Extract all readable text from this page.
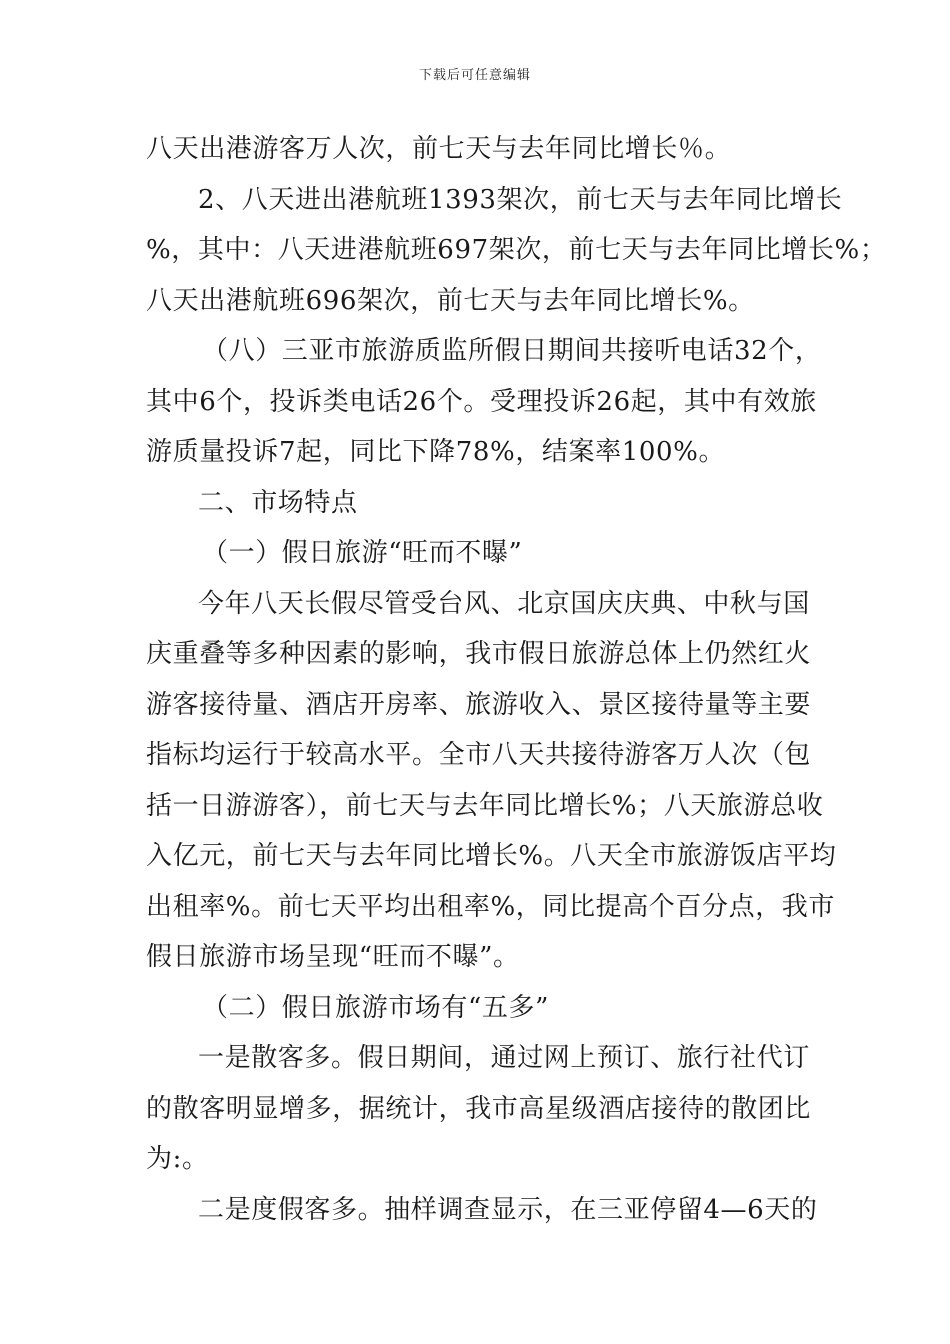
下载后可任意编辑
八天出港游客万人次，前七天与去年同比增长％。
2、八天进出港航班1393架次，前七天与去年同比增长
%，其中：八天进港航班697架次，前七天与去年同比增长%；
八天出港航班696架次，前七天与去年同比增长%。
（八）三亚市旅游质监所假日期间共接听电话32个，
其中6个，投诉类电话26个。受理投诉26起，其中有效旅
游质量投诉7起，同比下降78%，结案率100%。
二、市场特点
（一）假日旅游“旺而不曝”
今年八天长假尽管受台风、北京国庆庆典、中秋与国
庆重叠等多种因素的影响，我市假日旅游总体上仍然红火
游客接待量、酒店开房率、旅游收入、景区接待量等主要
指标均运行于较高水平。全市八天共接待游客万人次（包
括一日游游客），前七天与去年同比增长%；八天旅游总收
入亿元，前七天与去年同比增长%。八天全市旅游饭店平均
出租率%。前七天平均出租率%，同比提高个百分点，我市
假日旅游市场呈现“旺而不曝”。
（二）假日旅游市场有“五多”
一是散客多。假日期间，通过网上预订、旅行社代订
的散客明显增多，据统计，我市高星级酒店接待的散团比
为:。
二是度假客多。抽样调查显示，在三亚停留4—6天的
